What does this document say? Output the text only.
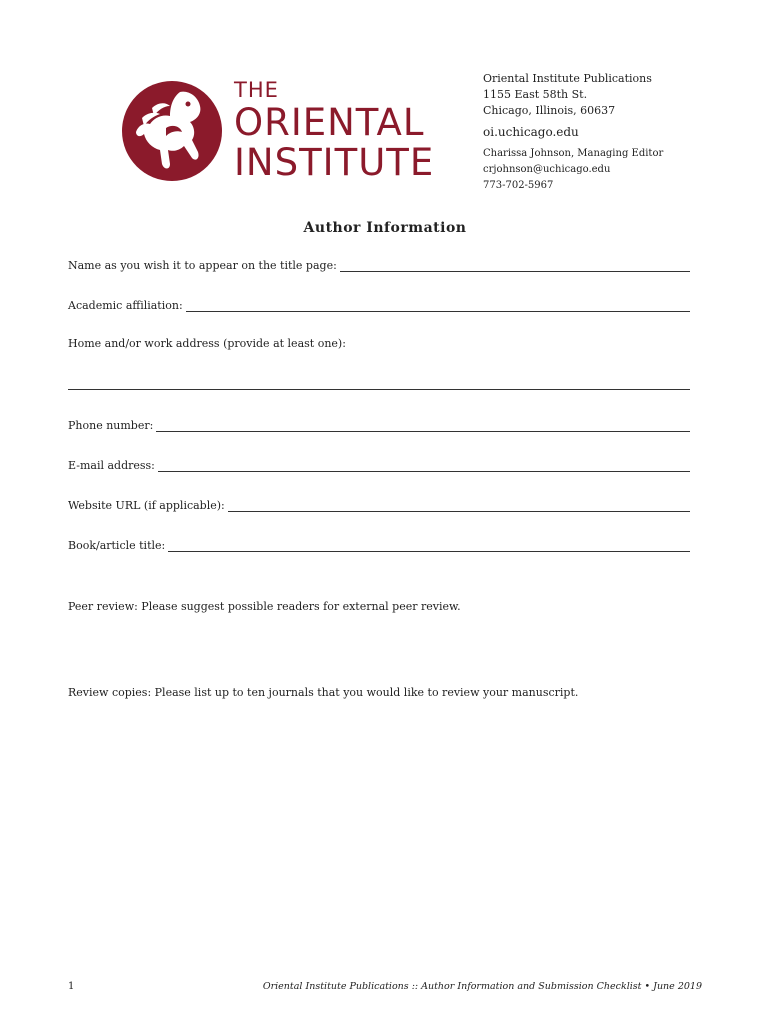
THE
ORIENTAL
INSTITUTE
Oriental Institute Publications
1155 East 58th St.
Chicago, Illinois, 60637
oi.uchicago.edu
Charissa Johnson, Managing Editor
crjohnson@uchicago.edu
773-702-5967
Author Information
Name as you wish it to appear on the title page:
Academic affiliation:
Home and/or work address (provide at least one):
Phone number:
E-mail address:
Website URL (if applicable):
Book/article title:
Peer review: Please suggest possible readers for external peer review.
Review copies: Please list up to ten journals that you would like to review your manuscript.
1	Oriental Institute Publications :: Author Information and Submission Checklist • June 2019
